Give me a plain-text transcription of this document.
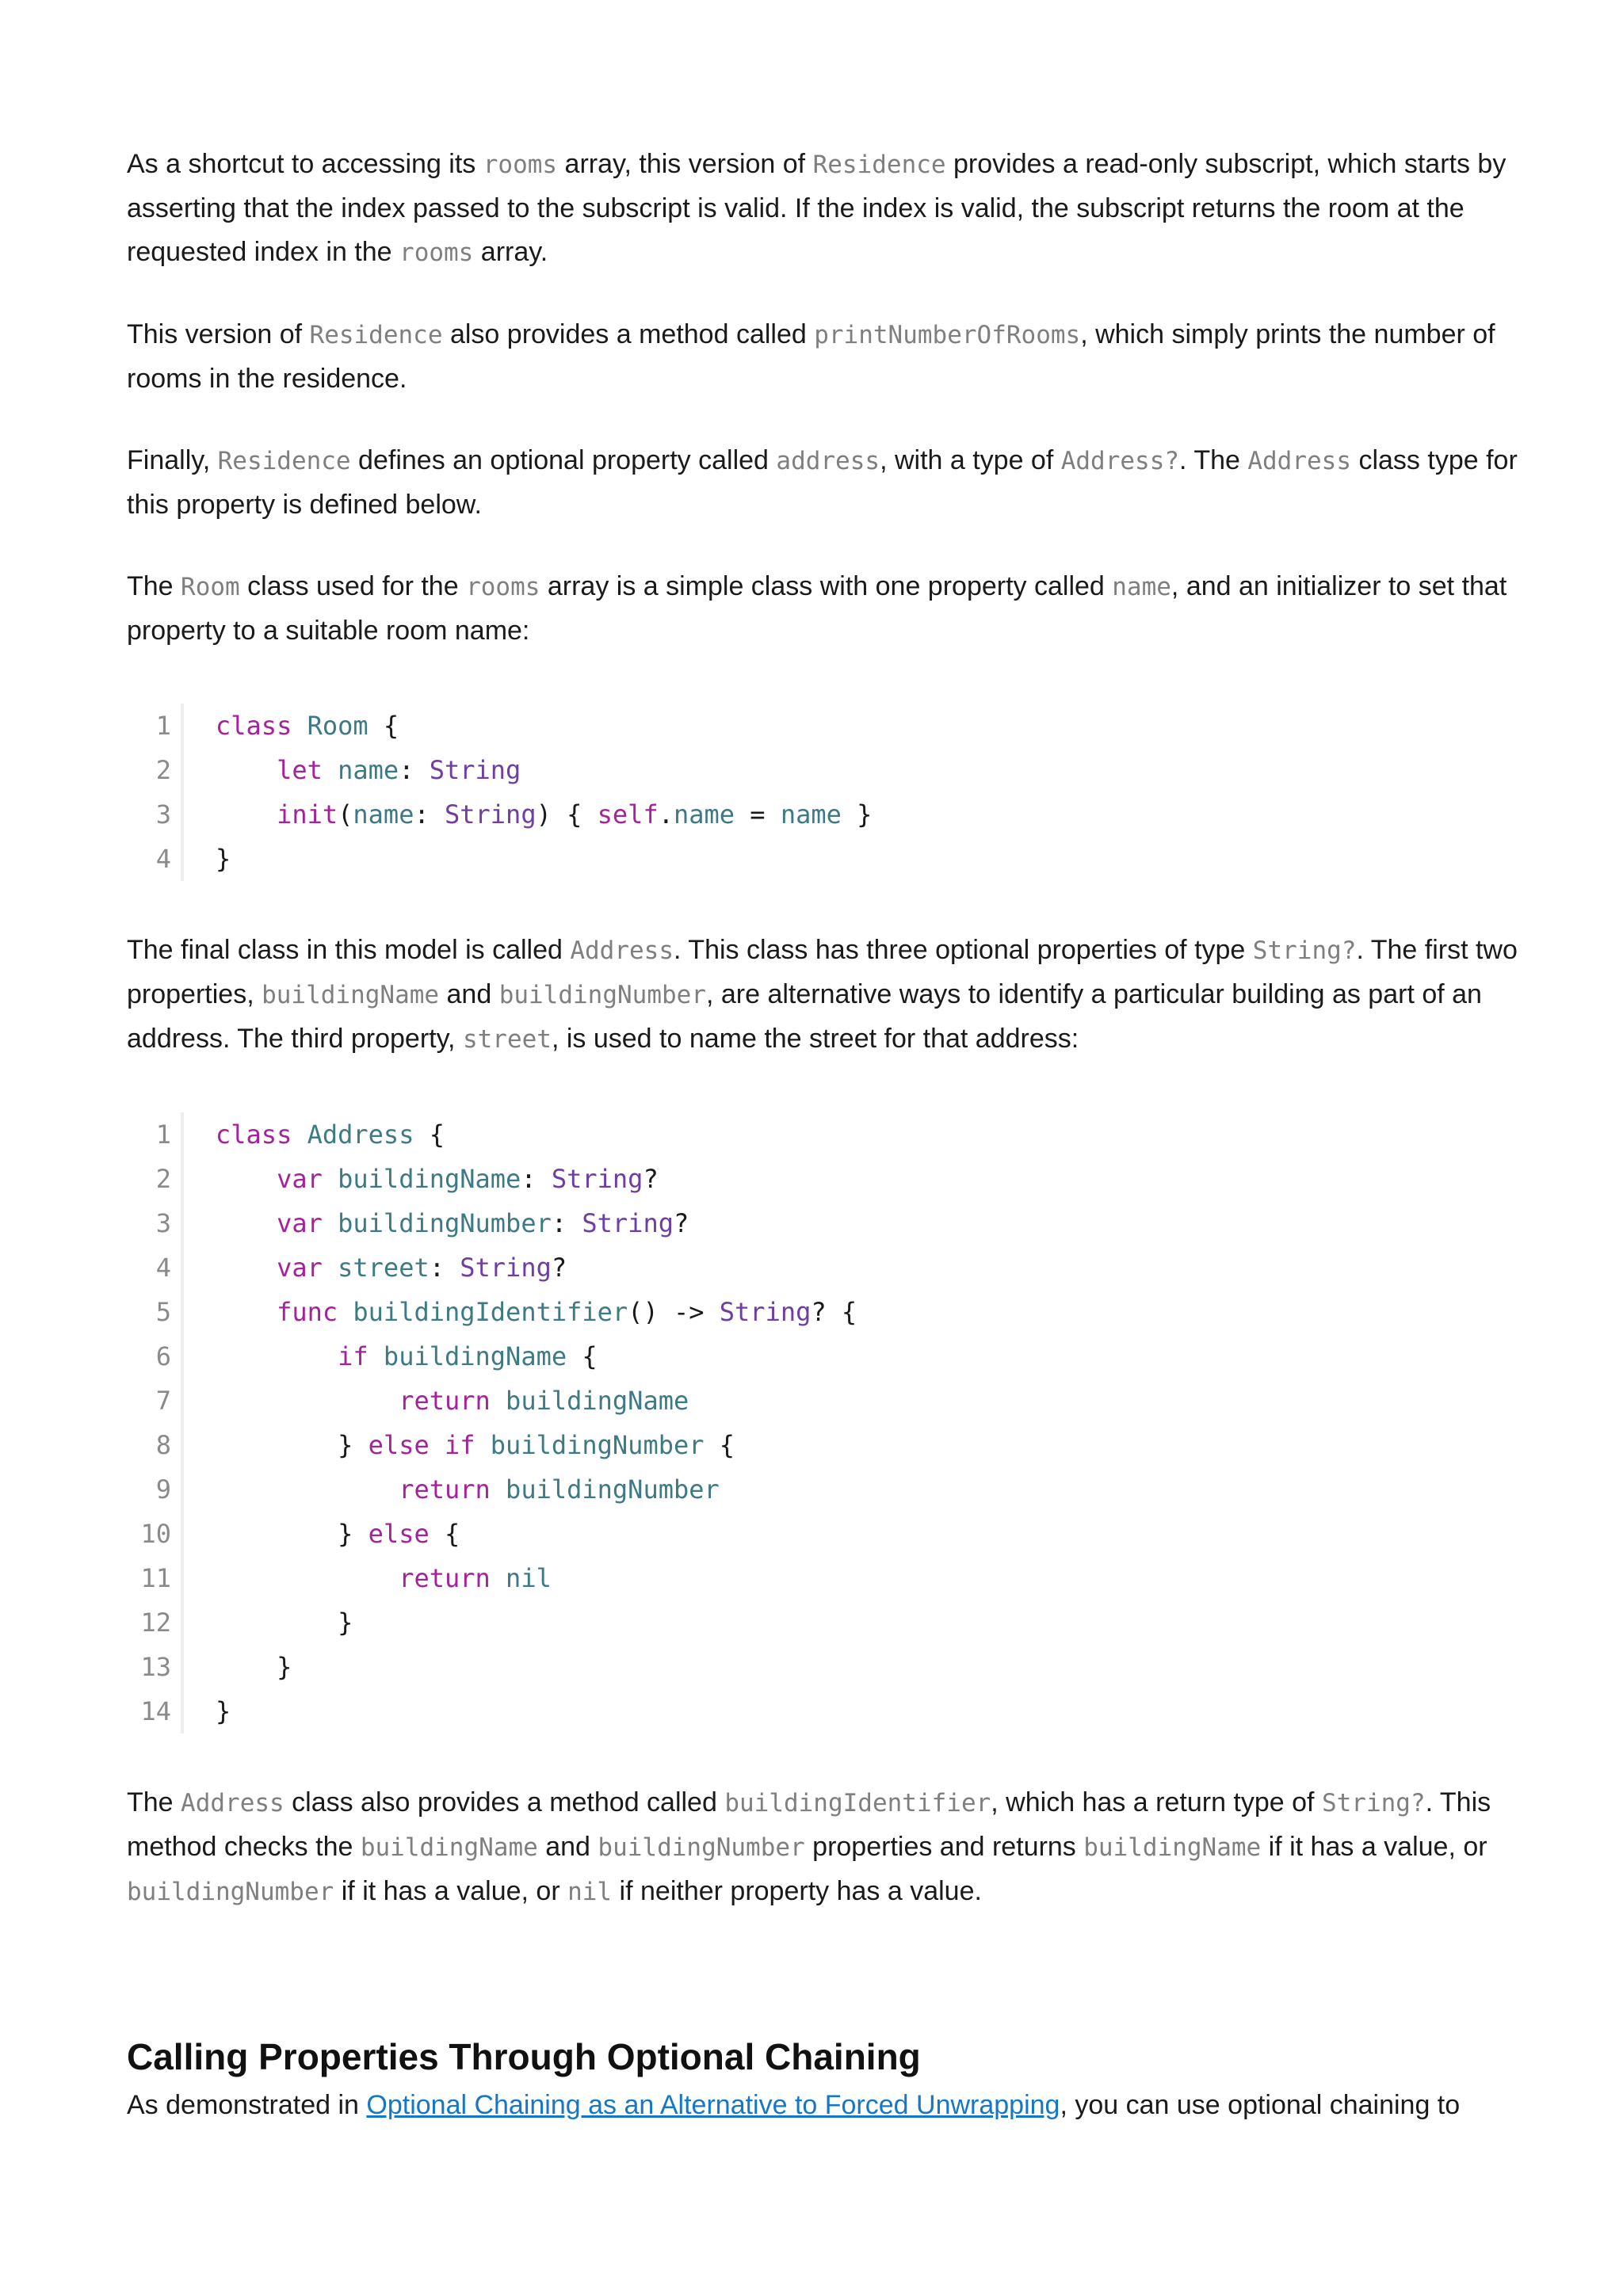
As a shortcut to accessing its rooms array, this version of Residence provides a read-only subscript, which starts by asserting that the index passed to the subscript is valid. If the index is valid, the subscript returns the room at the requested index in the rooms array.

This version of Residence also provides a method called printNumberOfRooms, which simply prints the number of rooms in the residence.

Finally, Residence defines an optional property called address, with a type of Address?. The Address class type for this property is defined below.

The Room class used for the rooms array is a simple class with one property called name, and an initializer to set that property to a suitable room name:

1	class Room {
2	let name: String
3	init(name: String) { self.name = name }
4	}

The final class in this model is called Address. This class has three optional properties of type String?. The first two properties, buildingName and buildingNumber, are alternative ways to identify a particular building as part of an address. The third property, street, is used to name the street for that address:

1	class Address {
2	var buildingName: String?
3	var buildingNumber: String?
4	var street: String?
5	func buildingIdentifier() -> String? {
6	if buildingName {
7	return buildingName
8	} else if buildingNumber {
9	return buildingNumber
10	} else {
11	return nil
12	}
13	}
14	}

The Address class also provides a method called buildingIdentifier, which has a return type of String?. This method checks the buildingName and buildingNumber properties and returns buildingName if it has a value, or buildingNumber if it has a value, or nil if neither property has a value.

Calling Properties Through Optional Chaining

As demonstrated in Optional Chaining as an Alternative to Forced Unwrapping, you can use optional chaining to
